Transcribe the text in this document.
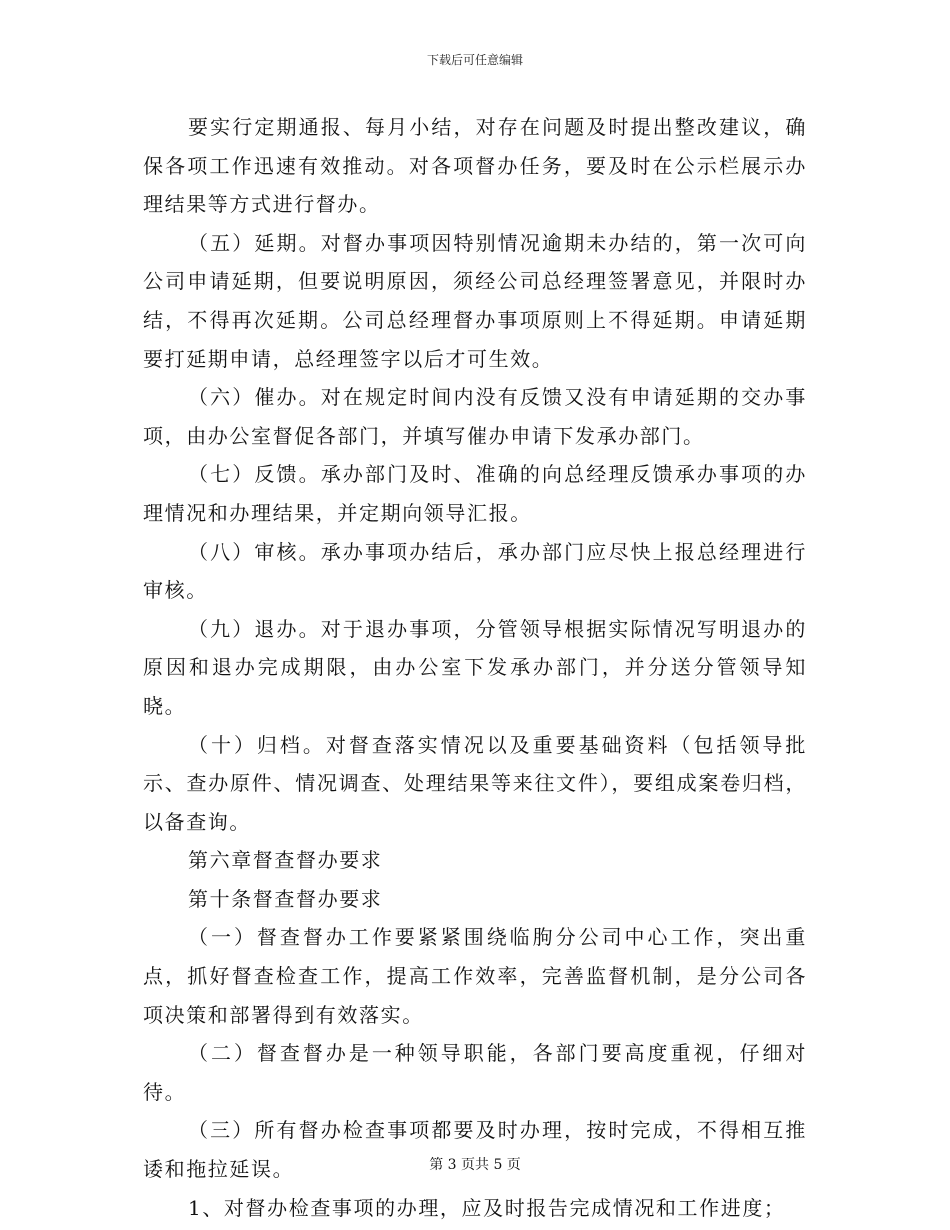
下载后可任意编辑

要实行定期通报、每月小结，对存在问题及时提出整改建议，确保各项工作迅速有效推动。对各项督办任务，要及时在公示栏展示办理结果等方式进行督办。

（五）延期。对督办事项因特别情况逾期未办结的，第一次可向公司申请延期，但要说明原因，须经公司总经理签署意见，并限时办结，不得再次延期。公司总经理督办事项原则上不得延期。申请延期要打延期申请，总经理签字以后才可生效。

（六）催办。对在规定时间内没有反馈又没有申请延期的交办事项，由办公室督促各部门，并填写催办申请下发承办部门。

（七）反馈。承办部门及时、准确的向总经理反馈承办事项的办理情况和办理结果，并定期向领导汇报。

（八）审核。承办事项办结后，承办部门应尽快上报总经理进行审核。

（九）退办。对于退办事项，分管领导根据实际情况写明退办的原因和退办完成期限，由办公室下发承办部门，并分送分管领导知晓。

（十）归档。对督查落实情况以及重要基础资料（包括领导批示、查办原件、情况调查、处理结果等来往文件），要组成案卷归档，以备查询。

第六章督查督办要求

第十条督查督办要求

（一）督查督办工作要紧紧围绕临朐分公司中心工作，突出重点，抓好督查检查工作，提高工作效率，完善监督机制，是分公司各项决策和部署得到有效落实。

（二）督查督办是一种领导职能，各部门要高度重视，仔细对待。

（三）所有督办检查事项都要及时办理，按时完成，不得相互推诿和拖拉延误。

1、对督办检查事项的办理，应及时报告完成情况和工作进度；

第 3 页共 5 页
